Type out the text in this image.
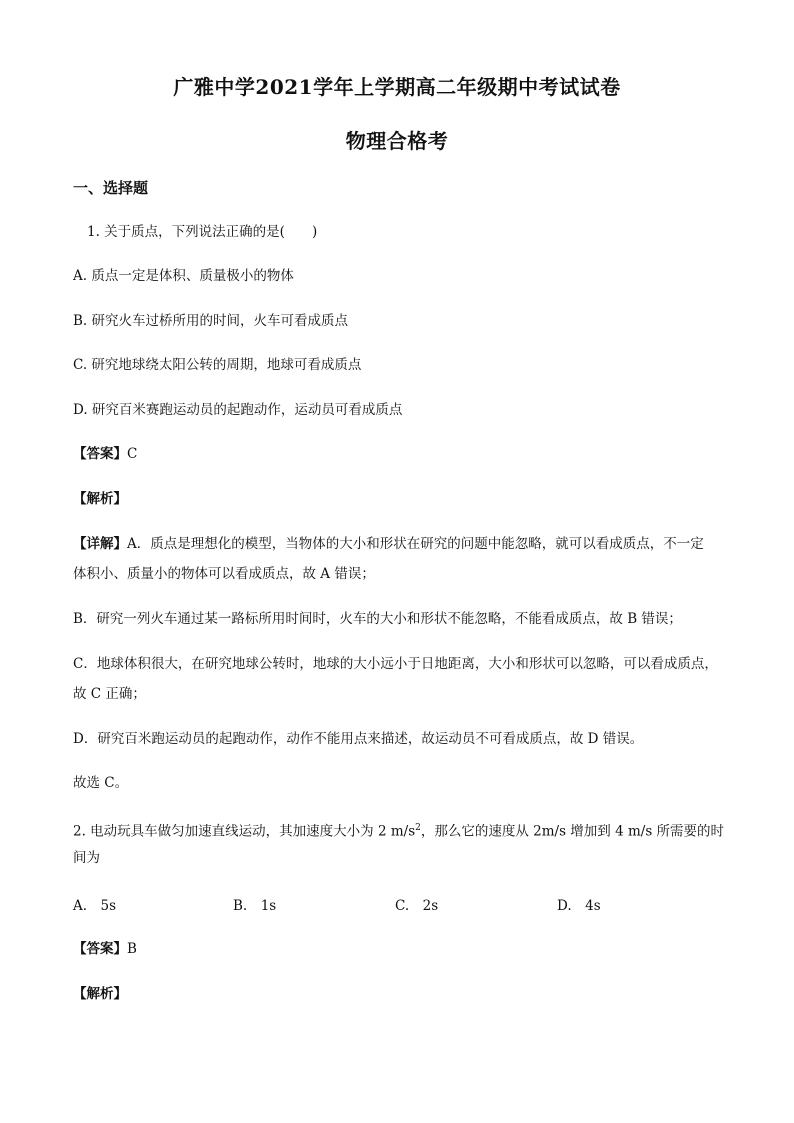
广雅中学2021学年上学期高二年级期中考试试卷
物理合格考
一、选择题
1. 关于质点，下列说法正确的是(　　)
A. 质点一定是体积、质量极小的物体
B. 研究火车过桥所用的时间，火车可看成质点
C. 研究地球绕太阳公转的周期，地球可看成质点
D. 研究百米赛跑运动员的起跑动作，运动员可看成质点
【答案】C
【解析】
【详解】A．质点是理想化的模型，当物体的大小和形状在研究的问题中能忽略，就可以看成质点，不一定
体积小、质量小的物体可以看成质点，故 A 错误；
B．研究一列火车通过某一路标所用时间时，火车的大小和形状不能忽略，不能看成质点，故 B 错误；
C．地球体积很大，在研究地球公转时，地球的大小远小于日地距离，大小和形状可以忽略，可以看成质点，
故 C 正确；
D．研究百米跑运动员的起跑动作，动作不能用点来描述，故运动员不可看成质点，故 D 错误。
故选 C。
2. 电动玩具车做匀加速直线运动，其加速度大小为 2 $m/s^2$，那么它的速度从 2m/s 增加到 4 m/s 所需要的时
间为
A.　5s	B.　1s	C.　2s	D.　4s
【答案】B
【解析】
